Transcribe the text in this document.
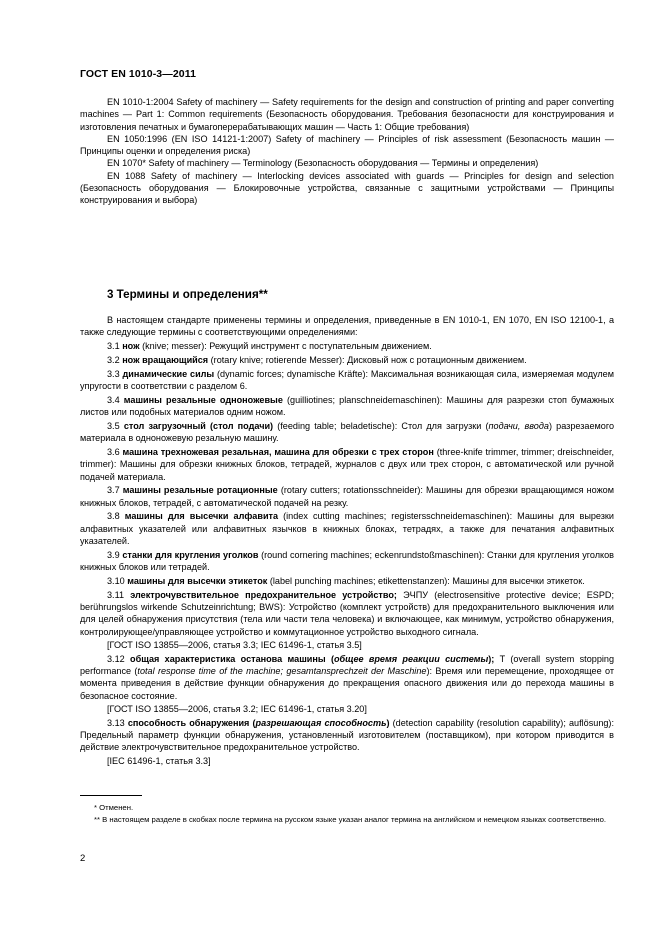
ГОСТ EN 1010-3—2011

EN 1010-1:2004 Safety of machinery — Safety requirements for the design and construction of printing and paper converting machines — Part 1: Common requirements (Безопасность оборудования. Требования безопасности для конструирования и изготовления печатных и бумагоперерабатывающих машин — Часть 1: Общие требования)

EN 1050:1996 (EN ISO 14121-1:2007) Safety of machinery — Principles of risk assessment (Безопасность машин — Принципы оценки и определения риска)

EN 1070* Safety of machinery — Terminology (Безопасность оборудования — Термины и определения)

EN 1088 Safety of machinery — Interlocking devices associated with guards — Principles for design and selection (Безопасность оборудования — Блокировочные устройства, связанные с защитными устройствами — Принципы конструирования и выбора)

3 Термины и определения**

В настоящем стандарте применены термины и определения, приведенные в EN 1010-1, EN 1070, EN ISO 12100-1, а также следующие термины с соответствующими определениями:

3.1 нож (knive; messer): Режущий инструмент с поступательным движением.

3.2 нож вращающийся (rotary knive; rotierende Messer): Дисковый нож с ротационным движением.

3.3 динамические силы (dynamic forces; dynamische Kräfte): Максимальная возникающая сила, измеряемая модулем упругости в соответствии с разделом 6.

3.4 машины резальные одноножевые (guilliotines; planschneidemaschinen): Машины для разрезки стоп бумажных листов или подобных материалов одним ножом.

3.5 стол загрузочный (стол подачи) (feeding table; beladetische): Стол для загрузки (подачи, ввода) разрезаемого материала в одноножевую резальную машину.

3.6 машина трехножевая резальная, машина для обрезки с трех сторон (three-knife trimmer, trimmer; dreischneider, trimmer): Машины для обрезки книжных блоков, тетрадей, журналов с двух или трех сторон, с автоматической или ручной подачей материала.

3.7 машины резальные ротационные (rotary cutters; rotationsschneider): Машины для обрезки вращающимся ножом книжных блоков, тетрадей, с автоматической подачей на резку.

3.8 машины для высечки алфавита (index cutting machines; registersschneidemaschinen): Машины для вырезки алфавитных указателей или алфавитных язычков в книжных блоках, тетрадях, а также для печатания алфавитных указателей.

3.9 станки для кругления уголков (round cornering machines; eckenrundstoßmaschinen): Станки для кругления уголков книжных блоков или тетрадей.

3.10 машины для высечки этикеток (label punching machines; etikettenstanzen): Машины для высечки этикеток.

3.11 электрочувствительное предохранительное устройство; ЭЧПУ (electrosensitive protective device; ESPD; berührungslos wirkende Schutzeinrichtung; BWS): Устройство (комплект устройств) для предохранительного выключения или для целей обнаружения присутствия (тела или части тела человека) и включающее, как минимум, устройство обнаружения, контролирующее/управляющее устройство и коммутационное устройство выходного сигнала.

[ГОСТ ISO 13855—2006, статья 3.3; IEC 61496-1, статья 3.5]

3.12 общая характеристика останова машины (общее время реакции системы); T (overall system stopping performance (total response time of the machine; gesamtansprechzeit der Maschine): Время или перемещение, проходящее от момента приведения в действие функции обнаружения до прекращения опасного движения или до перехода машины в безопасное состояние.

[ГОСТ ISO 13855—2006, статья 3.2; IEC 61496-1, статья 3.20]

3.13 способность обнаружения (разрешающая способность) (detection capability (resolution capability); auflösung): Предельный параметр функции обнаружения, установленный изготовителем (поставщиком), при котором приводится в действие электрочувствительное предохранительное устройство.

[IEC 61496-1, статья 3.3]

* Отменен.

** В настоящем разделе в скобках после термина на русском языке указан аналог термина на английском и немецком языках соответственно.

2
